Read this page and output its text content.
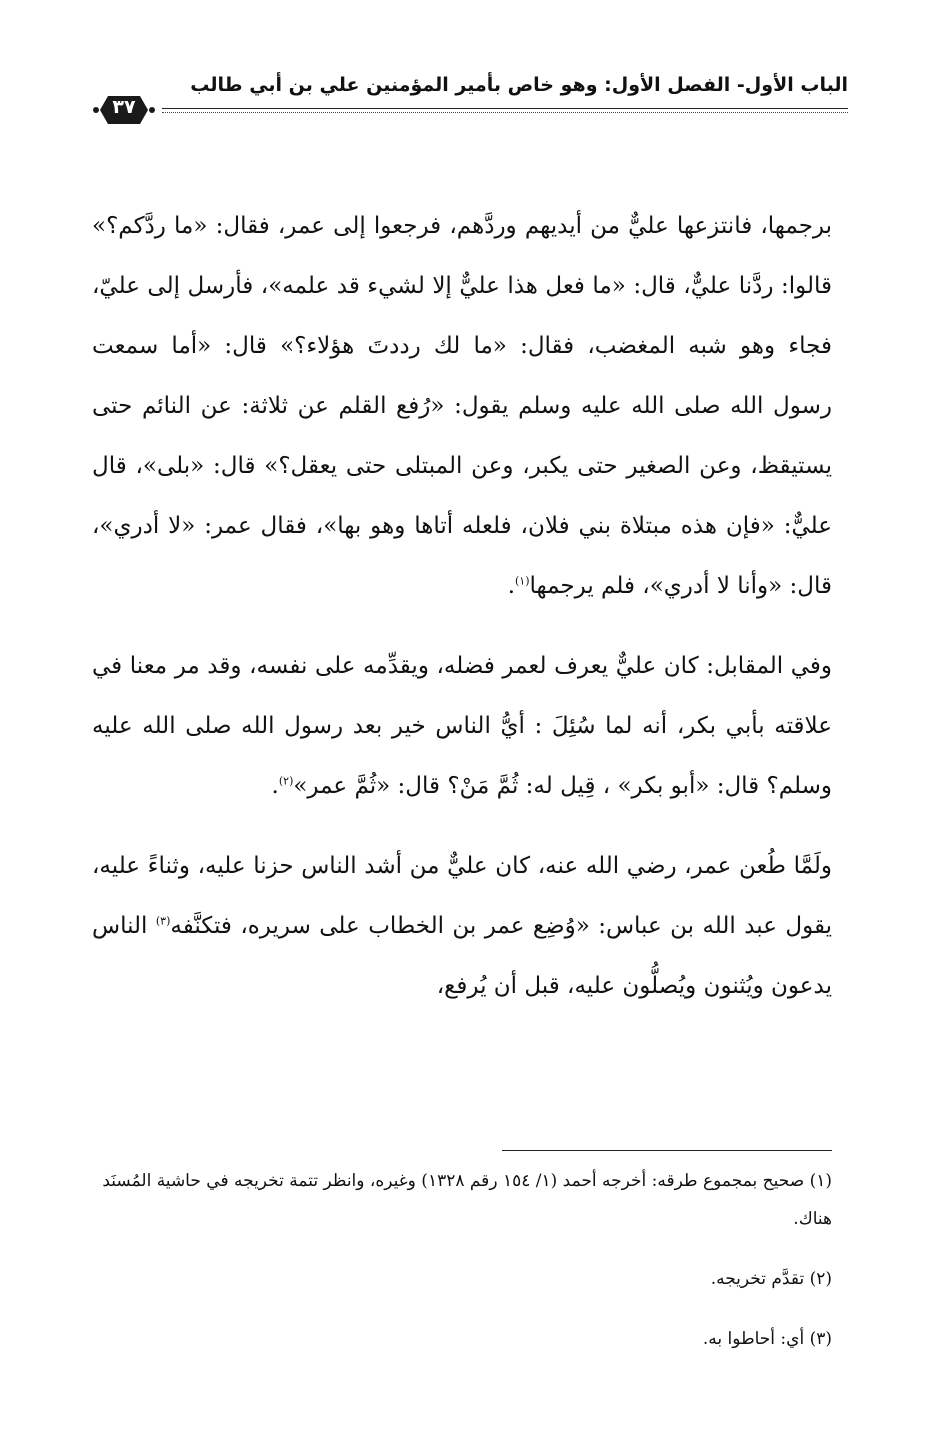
الباب الأول- الفصل الأول: وهو خاص بأمير المؤمنين علي بن أبي طالب
٣٧

برجمها، فانتزعها عليٌّ من أيديهم وردَّهم، فرجعوا إلى عمر، فقال: «ما ردَّكم؟» قالوا: ردَّنا عليٌّ، قال: «ما فعل هذا عليٌّ إلا لشيء قد علمه»، فأرسل إلى عليّ، فجاء وهو شبه المغضب، فقال: «ما لك رددتَ هؤلاء؟» قال: «أما سمعت رسول الله صلى الله عليه وسلم يقول: «رُفع القلم عن ثلاثة: عن النائم حتى يستيقظ، وعن الصغير حتى يكبر، وعن المبتلى حتى يعقل؟» قال: «بلى»، قال عليٌّ: «فإن هذه مبتلاة بني فلان، فلعله أتاها وهو بها»، فقال عمر: «لا أدري»، قال: «وأنا لا أدري»، فلم يرجمها$^{(١)}$.

وفي المقابل: كان عليٌّ يعرف لعمر فضله، ويقدِّمه على نفسه، وقد مر معنا في علاقته بأبي بكر، أنه لما سُئِلَ : أيُّ الناس خير بعد رسول الله صلى الله عليه وسلم؟ قال: «أبو بكر» ، قِيل له: ثُمَّ مَنْ؟ قال: «ثُمَّ عمر»$^{(٢)}$.

ولَمَّا طُعن عمر، رضي الله عنه، كان عليٌّ من أشد الناس حزنا عليه، وثناءً عليه، يقول عبد الله بن عباس: «وُضِع عمر بن الخطاب على سريره، فتكنَّفه$^{(٣)}$ الناس يدعون ويُثنون ويُصلُّون عليه، قبل أن يُرفع،

(١) صحيح بمجموع طرقه: أخرجه أحمد (١/ ١٥٤ رقم ١٣٢٨) وغيره، وانظر تتمة تخريجه في حاشية المُسنَد هناك.

(٢) تقدَّم تخريجه.

(٣) أي: أحاطوا به.
